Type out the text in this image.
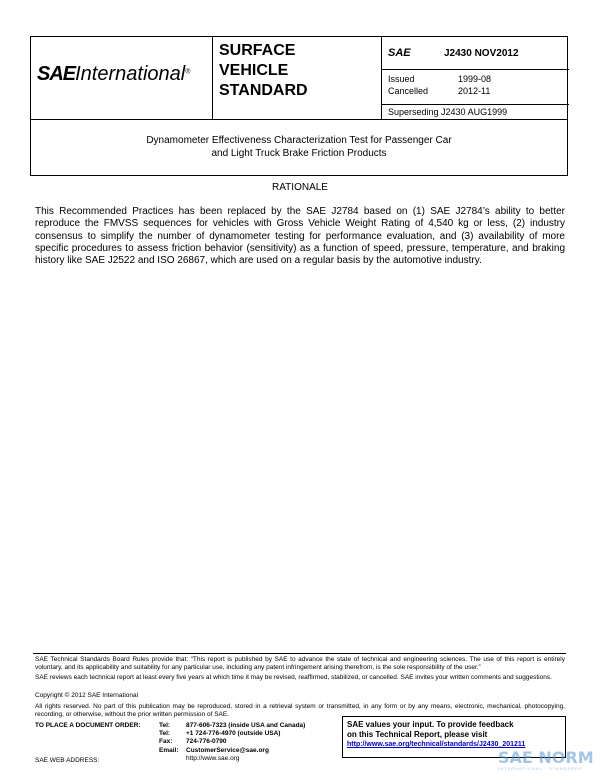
SAEInternational®
SURFACE
VEHICLE
STANDARD
SAE	J2430 NOV2012
Issued	1999-08
Cancelled	2012-11
Superseding J2430 AUG1999
Dynamometer Effectiveness Characterization Test for Passenger Car
and Light Truck Brake Friction Products
RATIONALE
This Recommended Practices has been replaced by the SAE J2784 based on (1) SAE J2784’s ability to better reproduce the FMVSS sequences for vehicles with Gross Vehicle Weight Rating of 4,540 kg or less, (2) industry consensus to simplify the number of dynamometer testing for performance evaluation, and (3) availability of more specific procedures to assess friction behavior (sensitivity) as a function of speed, pressure, temperature, and braking history like SAE J2522 and ISO 26867, which are used on a regular basis by the automotive industry.
SAE Technical Standards Board Rules provide that: “This report is published by SAE to advance the state of technical and engineering sciences. The use of this report is entirely voluntary, and its applicability and suitability for any particular use, including any patent infringement arising therefrom, is the sole responsibility of the user.”
SAE reviews each technical report at least every five years at which time it may be revised, reaffirmed, stabilized, or cancelled. SAE invites your written comments and suggestions.
Copyright © 2012 SAE International
All rights reserved. No part of this publication may be reproduced, stored in a retrieval system or transmitted, in any form or by any means, electronic, mechanical, photocopying, recording, or otherwise, without the prior written permission of SAE.
TO PLACE A DOCUMENT ORDER:
SAE WEB ADDRESS:
Tel: 877-606-7323 (inside USA and Canada)
Tel: +1 724-776-4970 (outside USA)
Fax: 724-776-0790
Email: CustomerService@sae.org
http://www.sae.org
SAE values your input. To provide feedback
on this Technical Report, please visit
http://www.sae.org/technical/standards/J2430_201211
SAE NORM
INTERNATIONAL · STANDARDS
